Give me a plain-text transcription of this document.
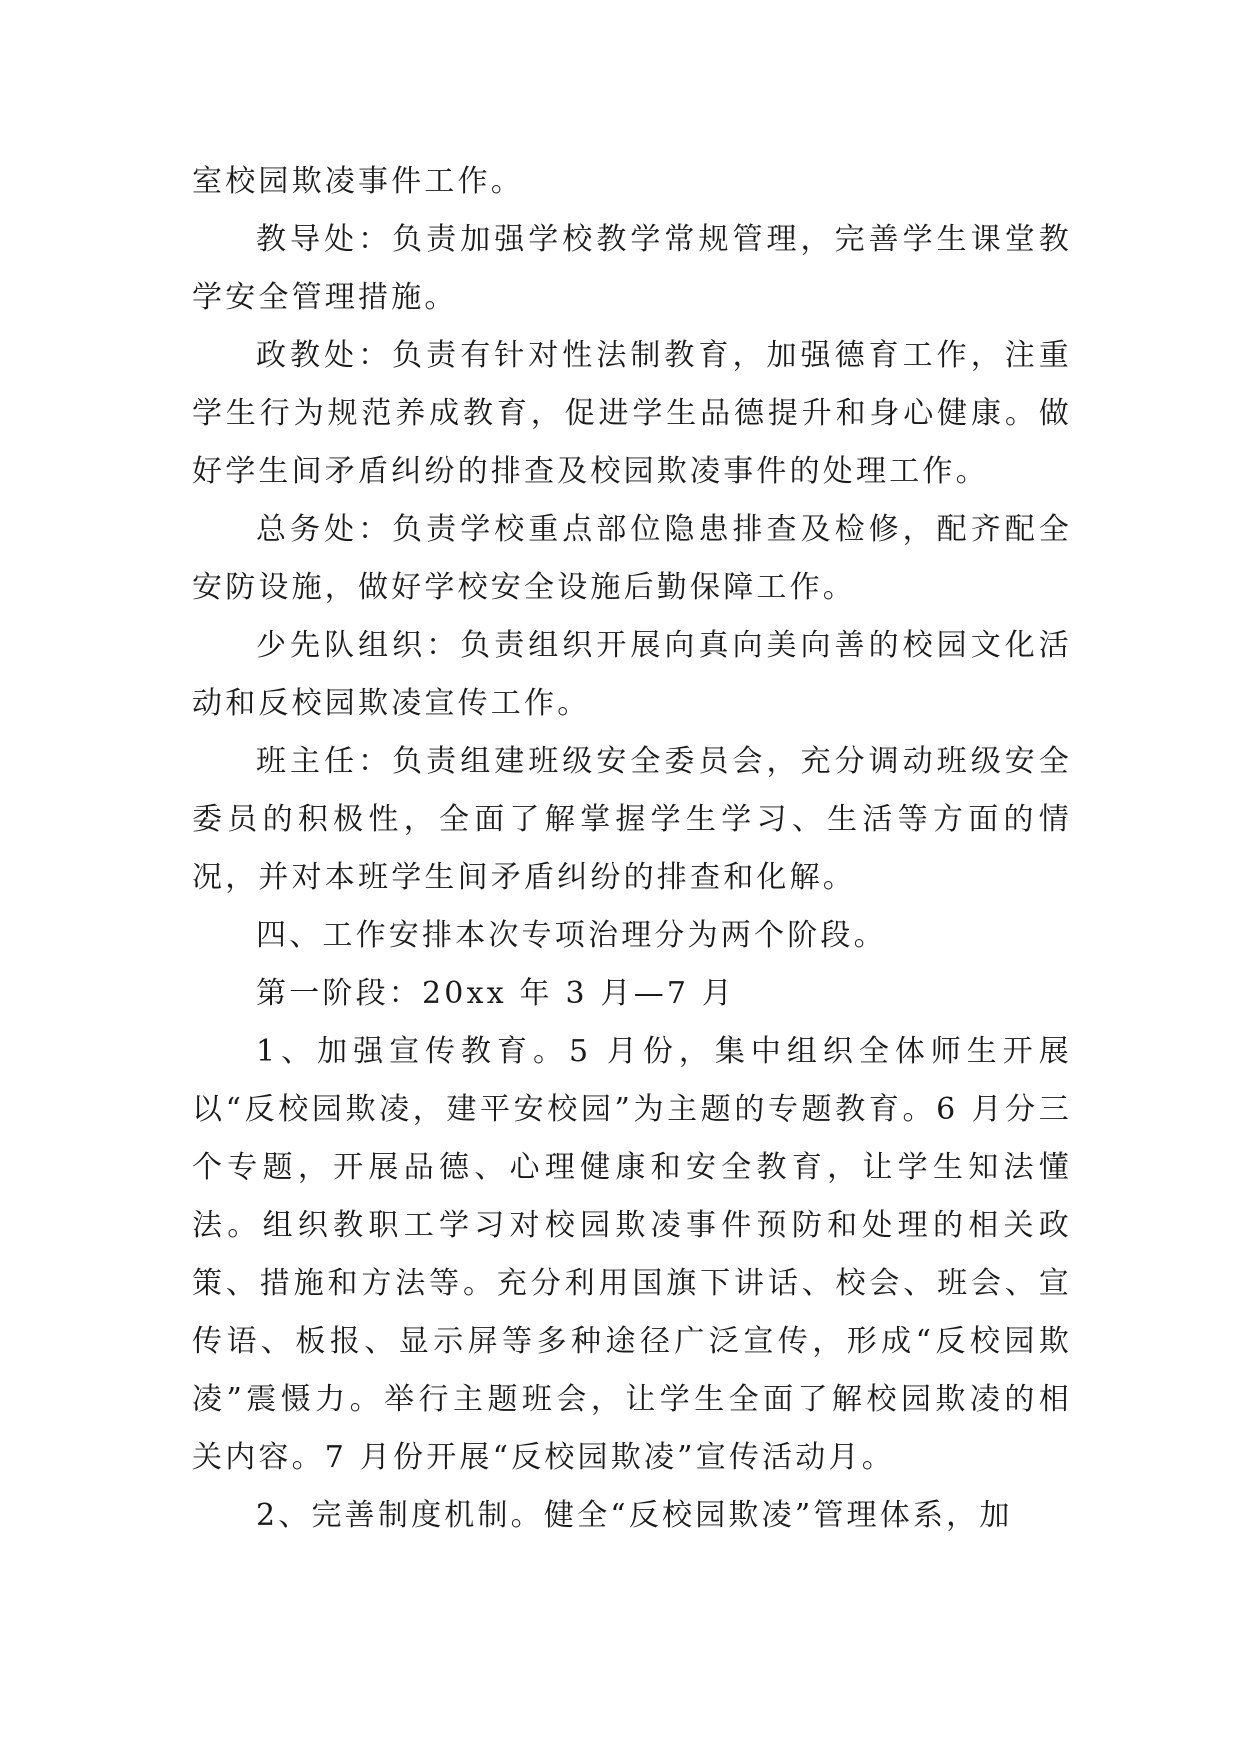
室校园欺凌事件工作。

教导处：负责加强学校教学常规管理，完善学生课堂教学安全管理措施。

政教处：负责有针对性法制教育，加强德育工作，注重学生行为规范养成教育，促进学生品德提升和身心健康。做好学生间矛盾纠纷的排查及校园欺凌事件的处理工作。

总务处：负责学校重点部位隐患排查及检修，配齐配全安防设施，做好学校安全设施后勤保障工作。

少先队组织：负责组织开展向真向美向善的校园文化活动和反校园欺凌宣传工作。

班主任：负责组建班级安全委员会，充分调动班级安全委员的积极性，全面了解掌握学生学习、生活等方面的情况，并对本班学生间矛盾纠纷的排查和化解。

四、工作安排本次专项治理分为两个阶段。

第一阶段：20xx 年 3 月—7 月

1、加强宣传教育。5 月份，集中组织全体师生开展以“反校园欺凌，建平安校园”为主题的专题教育。6 月分三个专题，开展品德、心理健康和安全教育，让学生知法懂法。组织教职工学习对校园欺凌事件预防和处理的相关政策、措施和方法等。充分利用国旗下讲话、校会、班会、宣传语、板报、显示屏等多种途径广泛宣传，形成“反校园欺凌”震慑力。举行主题班会，让学生全面了解校园欺凌的相关内容。7 月份开展“反校园欺凌”宣传活动月。

2、完善制度机制。健全“反校园欺凌”管理体系，加
